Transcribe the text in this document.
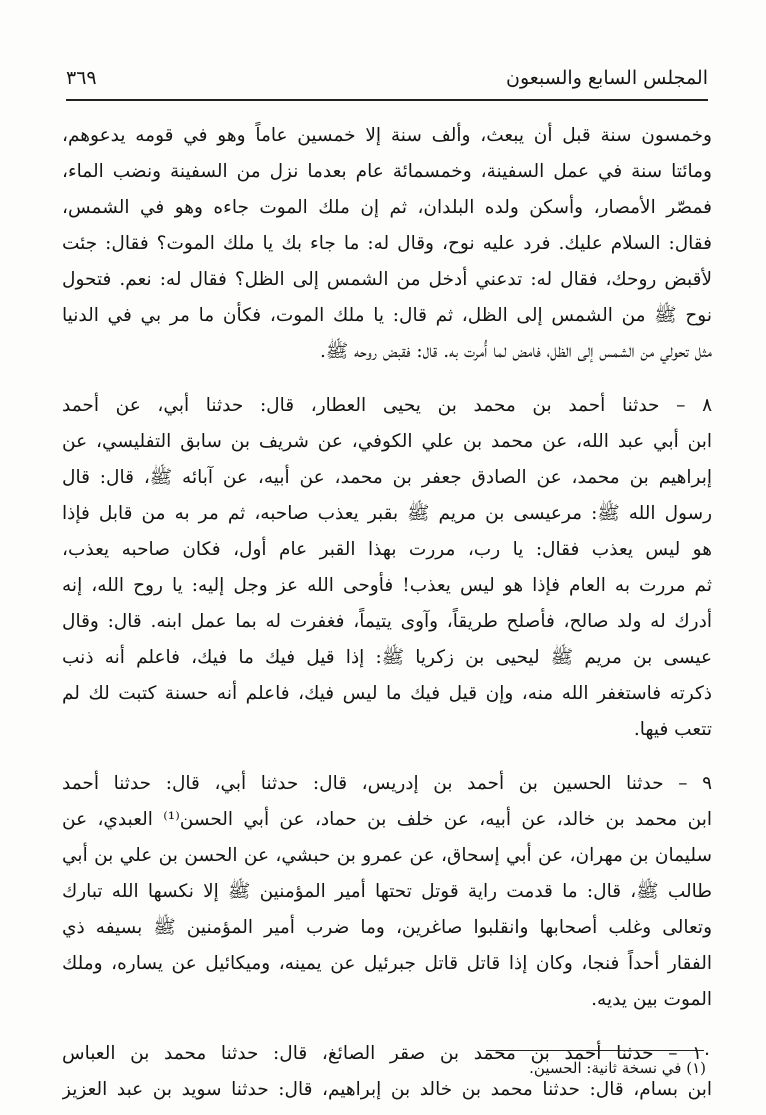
المجلس السابع والسبعون
٣٦٩
وخمسون سنة قبل أن يبعث، وألف سنة إلا خمسين عاماً وهو في قومه يدعوهم،
ومائتا سنة في عمل السفينة، وخمسمائة عام بعدما نزل من السفينة ونضب الماء،
فمصّر الأمصار، وأسكن ولده البلدان، ثم إن ملك الموت جاءه وهو في الشمس،
فقال: السلام عليك. فرد عليه نوح، وقال له: ما جاء بك يا ملك الموت؟ فقال: جئت
لأقبض روحك، فقال له: تدعني أدخل من الشمس إلى الظل؟ فقال له: نعم. فتحول
نوح ﷺ من الشمس إلى الظل، ثم قال: يا ملك الموت، فكأن ما مر بي في الدنيا
مثل تحولي من الشمس إلى الظل، فامض لما أُمرت به. قال: فقبض روحه ﷺ.
٨ – حدثنا أحمد بن محمد بن يحيى العطار، قال: حدثنا أبي، عن أحمد
ابن أبي عبد الله، عن محمد بن علي الكوفي، عن شريف بن سابق التفليسي، عن
إبراهيم بن محمد، عن الصادق جعفر بن محمد، عن أبيه، عن آبائه ﷺ، قال: قال
رسول الله ﷺ: مرعيسى بن مريم ﷺ بقبر يعذب صاحبه، ثم مر به من قابل فإذا
هو ليس يعذب فقال: يا رب، مررت بهذا القبر عام أول، فكان صاحبه يعذب،
ثم مررت به العام فإذا هو ليس يعذب! فأوحى الله عز وجل إليه: يا روح الله، إنه
أدرك له ولد صالح، فأصلح طريقاً، وآوى يتيماً، فغفرت له بما عمل ابنه. قال: وقال
عيسى بن مريم ﷺ ليحيى بن زكريا ﷺ: إذا قيل فيك ما فيك، فاعلم أنه ذنب
ذكرته فاستغفر الله منه، وإن قيل فيك ما ليس فيك، فاعلم أنه حسنة كتبت لك لم
تتعب فيها.
٩ – حدثنا الحسين بن أحمد بن إدريس، قال: حدثنا أبي، قال: حدثنا أحمد
ابن محمد بن خالد، عن أبيه، عن خلف بن حماد، عن أبي الحسن⁽¹⁾ العبدي، عن
سليمان بن مهران، عن أبي إسحاق، عن عمرو بن حبشي، عن الحسن بن علي بن أبي
طالب ﷺ، قال: ما قدمت راية قوتل تحتها أمير المؤمنين ﷺ إلا نكسها الله تبارك
وتعالى وغلب أصحابها وانقلبوا صاغرين، وما ضرب أمير المؤمنين ﷺ بسيفه ذي
الفقار أحداً فنجا، وكان إذا قاتل قاتل جبرئيل عن يمينه، وميكائيل عن يساره، وملك
الموت بين يديه.
١٠ – حدثنا أحمد بن محمد بن صقر الصائغ، قال: حدثنا محمد بن العباس
ابن بسام، قال: حدثنا محمد بن خالد بن إبراهيم، قال: حدثنا سويد بن عبد العزيز
(١) في نسخة ثانية: الحسين.
